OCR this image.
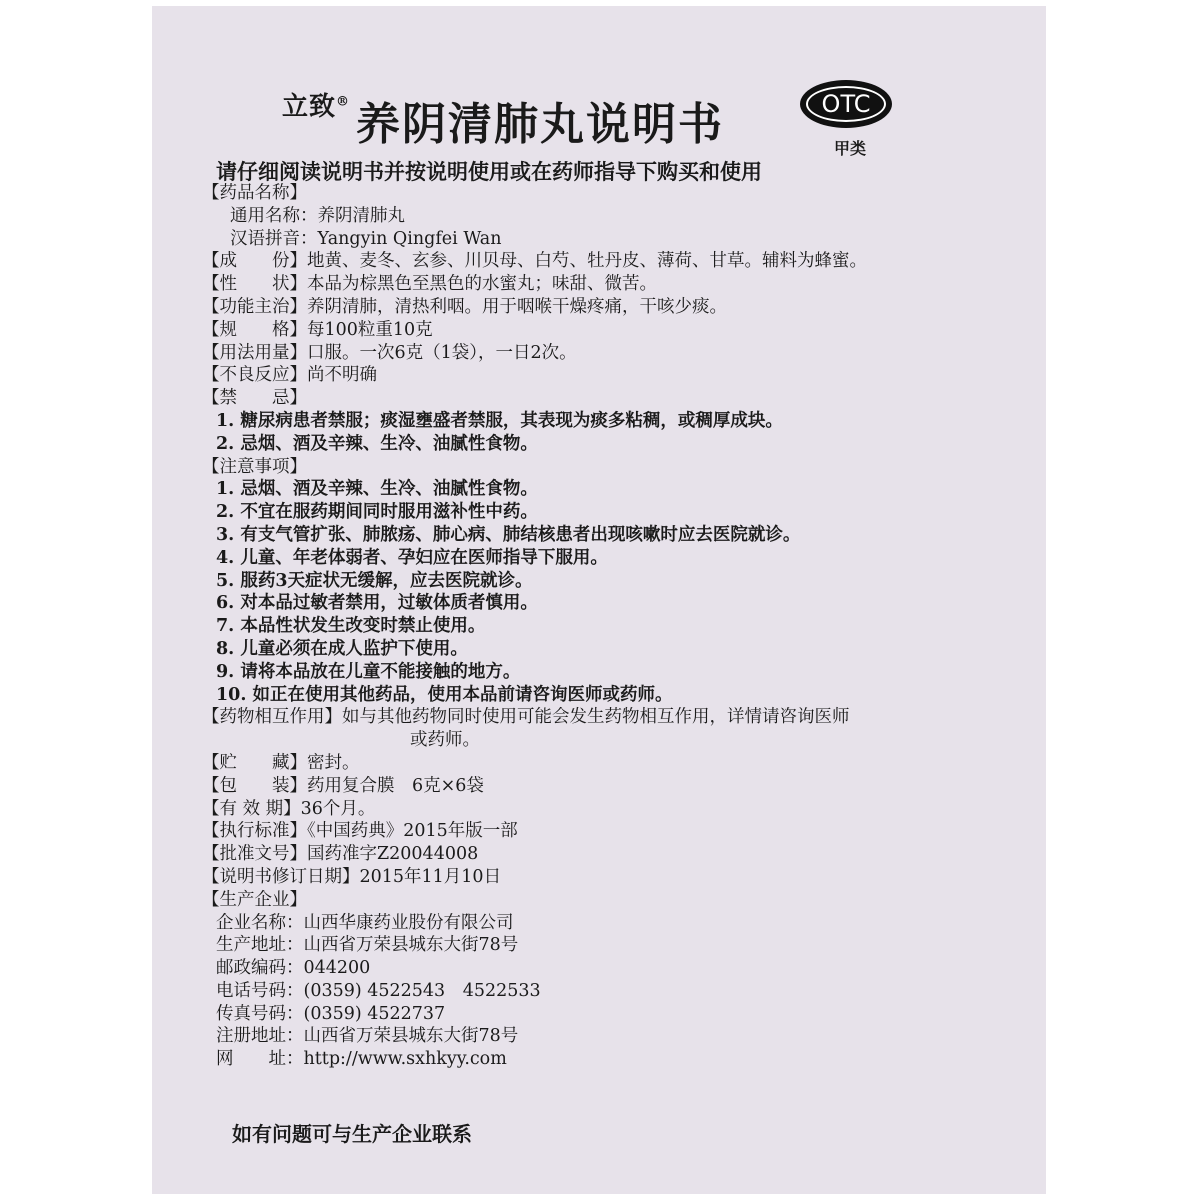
立致® 养阴清肺丸说明书	OTC
甲类
请仔细阅读说明书并按说明使用或在药师指导下购买和使用
【药品名称】
通用名称：养阴清肺丸
汉语拼音：Yangyin Qingfei Wan
【成　　份】地黄、麦冬、玄参、川贝母、白芍、牡丹皮、薄荷、甘草。辅料为蜂蜜。
【性　　状】本品为棕黑色至黑色的水蜜丸；味甜、微苦。
【功能主治】养阴清肺，清热利咽。用于咽喉干燥疼痛，干咳少痰。
【规　　格】每100粒重10克
【用法用量】口服。一次6克（1袋），一日2次。
【不良反应】尚不明确
【禁　　忌】
1. 糖尿病患者禁服；痰湿壅盛者禁服，其表现为痰多粘稠，或稠厚成块。
2. 忌烟、酒及辛辣、生冷、油腻性食物。
【注意事项】
1. 忌烟、酒及辛辣、生冷、油腻性食物。
2. 不宜在服药期间同时服用滋补性中药。
3. 有支气管扩张、肺脓疡、肺心病、肺结核患者出现咳嗽时应去医院就诊。
4. 儿童、年老体弱者、孕妇应在医师指导下服用。
5. 服药3天症状无缓解，应去医院就诊。
6. 对本品过敏者禁用，过敏体质者慎用。
7. 本品性状发生改变时禁止使用。
8. 儿童必须在成人监护下使用。
9. 请将本品放在儿童不能接触的地方。
10. 如正在使用其他药品，使用本品前请咨询医师或药师。
【药物相互作用】如与其他药物同时使用可能会发生药物相互作用，详情请咨询医师
或药师。
【贮　　藏】密封。
【包　　装】药用复合膜　6克×6袋
【有 效 期】36个月。
【执行标准】《中国药典》2015年版一部
【批准文号】国药准字Z20044008
【说明书修订日期】2015年11月10日
【生产企业】
企业名称：山西华康药业股份有限公司
生产地址：山西省万荣县城东大街78号
邮政编码：044200
电话号码：(0359) 4522543　4522533
传真号码：(0359) 4522737
注册地址：山西省万荣县城东大街78号
网　　址：http://www.sxhkyy.com
如有问题可与生产企业联系
